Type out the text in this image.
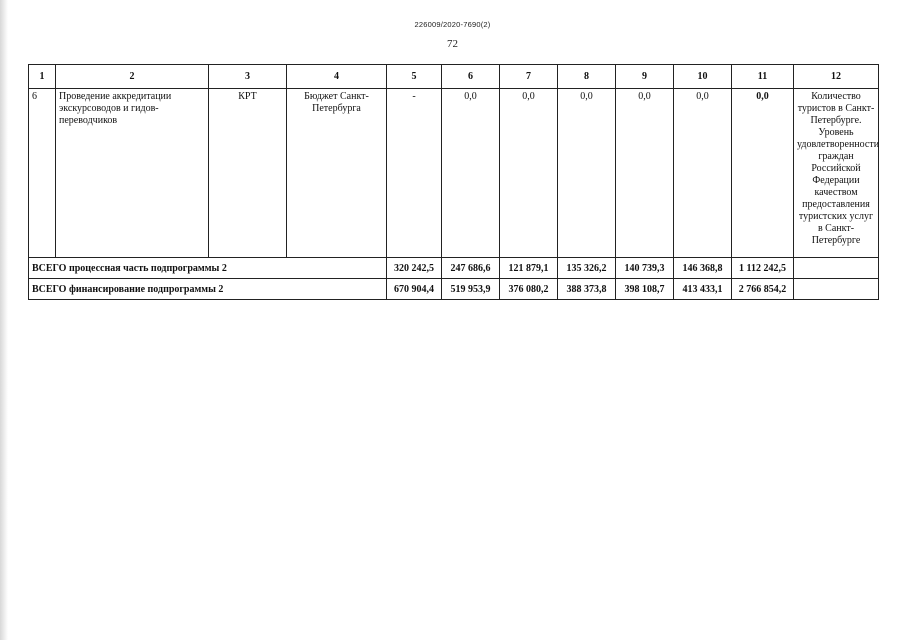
226009/2020-7690(2)
72
1	2	3	4	5	6	7	8	9	10	11	12
6	Проведение аккредитации экскурсоводов и гидов-переводчиков	КРТ	Бюджет Санкт-Петербурга	-	0,0	0,0	0,0	0,0	0,0	0,0	Количество туристов в Санкт-Петербурге. Уровень удовлетворенности граждан Российской Федерации качеством предоставления туристских услуг в Санкт-Петербурге
ВСЕГО процессная часть подпрограммы 2				320 242,5	247 686,6	121 879,1	135 326,2	140 739,3	146 368,8	1 112 242,5	
ВСЕГО финансирование подпрограммы 2				670 904,4	519 953,9	376 080,2	388 373,8	398 108,7	413 433,1	2 766 854,2	
